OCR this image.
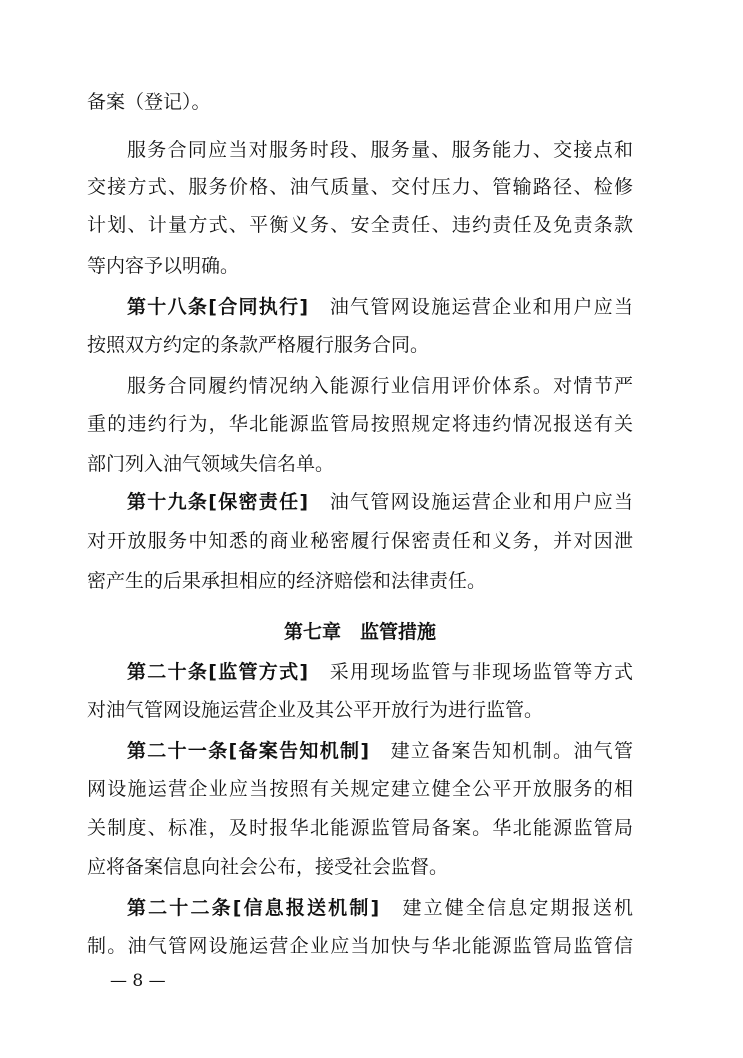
备案（登记）。
服务合同应当对服务时段、服务量、服务能力、交接点和
交接方式、服务价格、油气质量、交付压力、管输路径、检修
计划、计量方式、平衡义务、安全责任、违约责任及免责条款
等内容予以明确。
第十八条[合同执行]　 油气管网设施运营企业和用户应当
按照双方约定的条款严格履行服务合同。
服务合同履约情况纳入能源行业信用评价体系。对情节严
重的违约行为，华北能源监管局按照规定将违约情况报送有关
部门列入油气领域失信名单。
第十九条[保密责任]　 油气管网设施运营企业和用户应当
对开放服务中知悉的商业秘密履行保密责任和义务，并对因泄
密产生的后果承担相应的经济赔偿和法律责任。
第七章　监管措施
第二十条[监管方式]　 采用现场监管与非现场监管等方式
对油气管网设施运营企业及其公平开放行为进行监管。
第二十一条[备案告知机制]　 建立备案告知机制。油气管
网设施运营企业应当按照有关规定建立健全公平开放服务的相
关制度、标准，及时报华北能源监管局备案。华北能源监管局
应将备案信息向社会公布，接受社会监督。
第二十二条[信息报送机制]　 建立健全信息定期报送机
制。油气管网设施运营企业应当加快与华北能源监管局监管信
— 8 —
